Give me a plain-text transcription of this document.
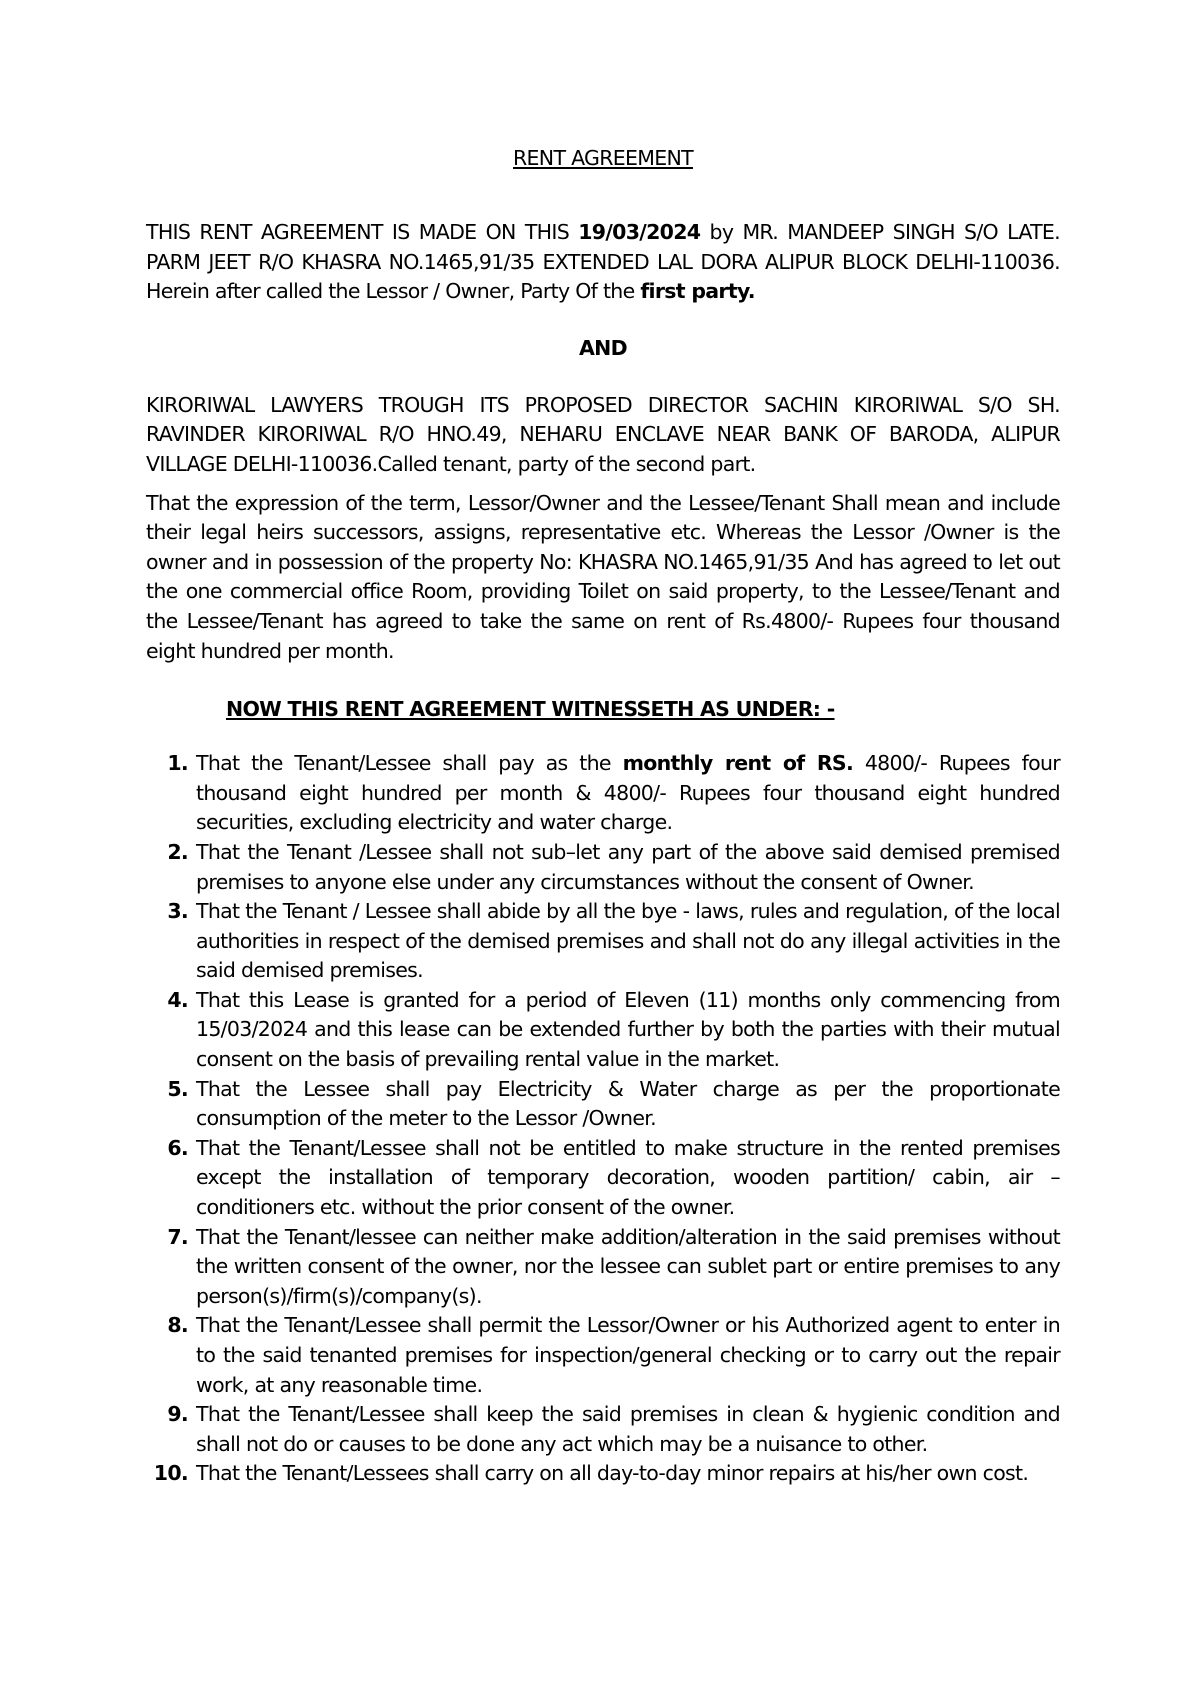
RENT AGREEMENT

THIS RENT AGREEMENT IS MADE ON THIS 19/03/2024 by MR. MANDEEP SINGH S/O LATE. PARM JEET R/O KHASRA NO.1465,91/35 EXTENDED LAL DORA ALIPUR BLOCK DELHI-110036. Herein after called the Lessor / Owner, Party Of the first party.

AND

KIRORIWAL LAWYERS TROUGH ITS PROPOSED DIRECTOR SACHIN KIRORIWAL S/O SH. RAVINDER KIRORIWAL R/O HNO.49, NEHARU ENCLAVE NEAR BANK OF BARODA, ALIPUR VILLAGE DELHI-110036.Called tenant, party of the second part.

That the expression of the term, Lessor/Owner and the Lessee/Tenant Shall mean and include their legal heirs successors, assigns, representative etc. Whereas the Lessor /Owner is the owner and in possession of the property No: KHASRA NO.1465,91/35 And has agreed to let out the one commercial office Room, providing Toilet on said property, to the Lessee/Tenant and the Lessee/Tenant has agreed to take the same on rent of Rs.4800/- Rupees four thousand eight hundred per month.

NOW THIS RENT AGREEMENT WITNESSETH AS UNDER: -
1. That the Tenant/Lessee shall pay as the monthly rent of RS. 4800/- Rupees four thousand eight hundred per month & 4800/- Rupees four thousand eight hundred securities, excluding electricity and water charge.
2. That the Tenant /Lessee shall not sub–let any part of the above said demised premised premises to anyone else under any circumstances without the consent of Owner.
3. That the Tenant / Lessee shall abide by all the bye - laws, rules and regulation, of the local authorities in respect of the demised premises and shall not do any illegal activities in the said demised premises.
4. That this Lease is granted for a period of Eleven (11) months only commencing from 15/03/2024 and this lease can be extended further by both the parties with their mutual consent on the basis of prevailing rental value in the market.
5. That the Lessee shall pay Electricity & Water charge as per the proportionate consumption of the meter to the Lessor /Owner.
6. That the Tenant/Lessee shall not be entitled to make structure in the rented premises except the installation of temporary decoration, wooden partition/ cabin, air – conditioners etc. without the prior consent of the owner.
7. That the Tenant/lessee can neither make addition/alteration in the said premises without the written consent of the owner, nor the lessee can sublet part or entire premises to any person(s)/firm(s)/company(s).
8. That the Tenant/Lessee shall permit the Lessor/Owner or his Authorized agent to enter in to the said tenanted premises for inspection/general checking or to carry out the repair work, at any reasonable time.
9. That the Tenant/Lessee shall keep the said premises in clean & hygienic condition and shall not do or causes to be done any act which may be a nuisance to other.
10. That the Tenant/Lessees shall carry on all day-to-day minor repairs at his/her own cost.
